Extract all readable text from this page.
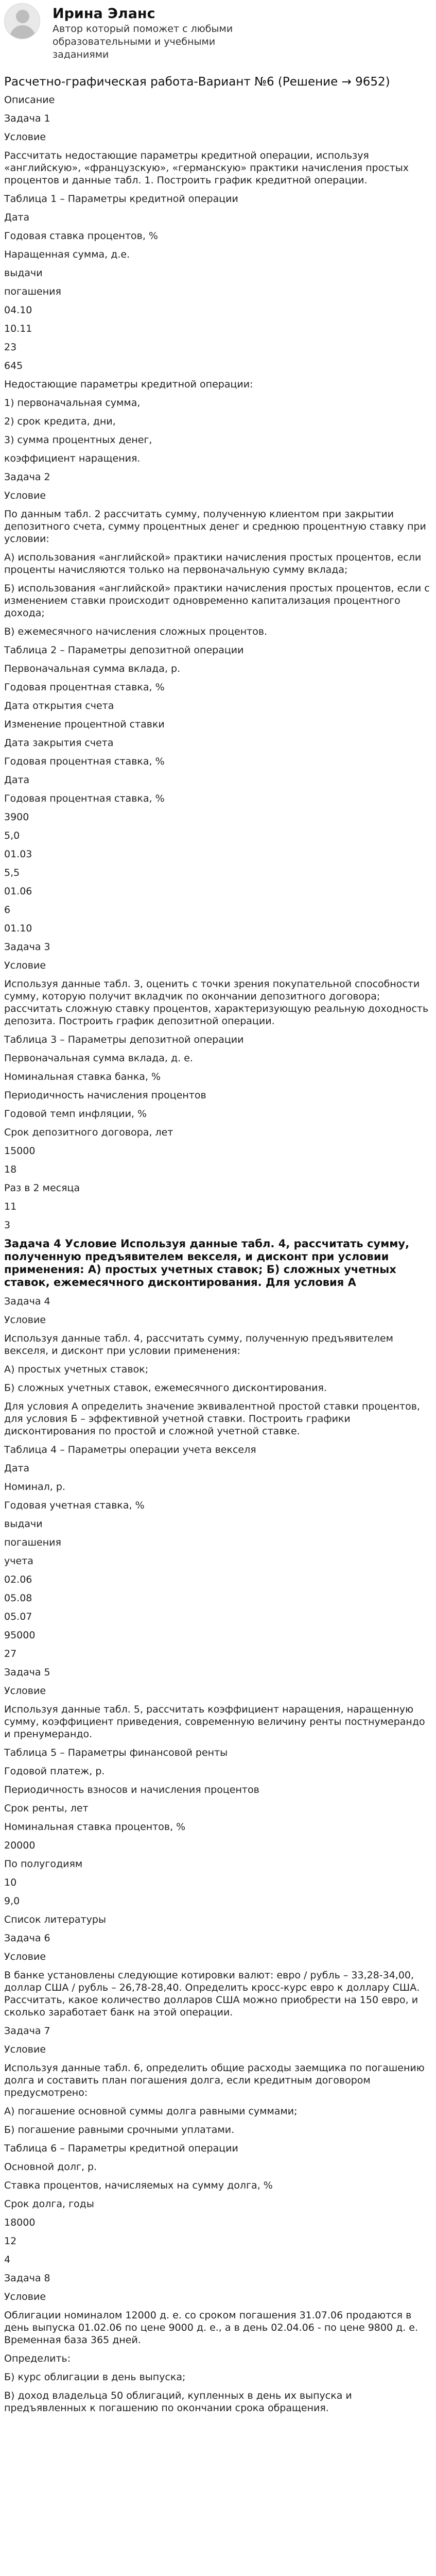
Ирина Эланс
Автор который поможет с любыми образовательными и учебными заданиями
Расчетно-графическая работа-Вариант №6 (Решение → 9652)
Описание
Задача 1
Условие
Рассчитать недостающие параметры кредитной операции, используя «английскую», «французскую», «германскую» практики начисления простых процентов и данные табл. 1. Построить график кредитной операции.
Таблица 1 – Параметры кредитной операции
Дата
Годовая ставка процентов, %
Наращенная сумма, д.е.
выдачи
погашения
04.10
10.11
23
645
Недостающие параметры кредитной операции:
1) первоначальная сумма,
2) срок кредита, дни,
3) сумма процентных денег,
коэффициент наращения.
Задача 2
Условие
По данным табл. 2 рассчитать сумму, полученную клиентом при закрытии депозитного счета, сумму процентных денег и среднюю процентную ставку при условии:
А) использования «английской» практики начисления простых процентов, если проценты начисляются только на первоначальную сумму вклада;
Б) использования «английской» практики начисления простых процентов, если с изменением ставки происходит одновременно капитализация процентного дохода;
В) ежемесячного начисления сложных процентов.
Таблица 2 – Параметры депозитной операции
Первоначальная сумма вклада, р.
Годовая процентная ставка, %
Дата открытия счета
Изменение процентной ставки
Дата закрытия счета
Годовая процентная ставка, %
Дата
Годовая процентная ставка, %
3900
5,0
01.03
5,5
01.06
6
01.10
Задача 3
Условие
Используя данные табл. 3, оценить с точки зрения покупательной способности сумму, которую получит вкладчик по окончании депозитного договора; рассчитать сложную ставку процентов, характеризующую реальную доходность депозита. Построить график депозитной операции.
Таблица 3 – Параметры депозитной операции
Первоначальная сумма вклада, д. е.
Номинальная ставка банка, %
Периодичность начисления процентов
Годовой темп инфляции, %
Срок депозитного договора, лет
15000
18
Раз в 2 месяца
11
3
Задача 4 Условие Используя данные табл. 4, рассчитать сумму, полученную предъявителем векселя, и дисконт при условии применения: А) простых учетных ставок; Б) сложных учетных ставок, ежемесячного дисконтирования. Для условия А
Задача 4
Условие
Используя данные табл. 4, рассчитать сумму, полученную предъявителем векселя, и дисконт при условии применения:
А) простых учетных ставок;
Б) сложных учетных ставок, ежемесячного дисконтирования.
Для условия А определить значение эквивалентной простой ставки процентов, для условия Б – эффективной учетной ставки. Построить графики дисконтирования по простой и сложной учетной ставке.
Таблица 4 – Параметры операции учета векселя
Дата
Номинал, р.
Годовая учетная ставка, %
выдачи
погашения
учета
02.06
05.08
05.07
95000
27
Задача 5
Условие
Используя данные табл. 5, рассчитать коэффициент наращения, наращенную сумму, коэффициент приведения, современную величину ренты постнумерандо и пренумерандо.
Таблица 5 – Параметры финансовой ренты
Годовой платеж, р.
Периодичность взносов и начисления процентов
Срок ренты, лет
Номинальная ставка процентов, %
20000
По полугодиям
10
9,0
Список литературы
Задача 6
Условие
В банке установлены следующие котировки валют: евро / рубль – 33,28-34,00, доллар США / рубль – 26,78-28,40. Определить кросс-курс евро к доллару США. Рассчитать, какое количество долларов США можно приобрести на 150 евро, и сколько заработает банк на этой операции.
Задача 7
Условие
Используя данные табл. 6, определить общие расходы заемщика по погашению долга и составить план погашения долга, если кредитным договором предусмотрено:
А) погашение основной суммы долга равными суммами;
Б) погашение равными срочными уплатами.
Таблица 6 – Параметры кредитной операции
Основной долг, р.
Ставка процентов, начисляемых на сумму долга, %
Срок долга, годы
18000
12
4
Задача 8
Условие
Облигации номиналом 12000 д. е. со сроком погашения 31.07.06 продаются в день выпуска 01.02.06 по цене 9000 д. е., а в день 02.04.06 - по цене 9800 д. е. Временная база 365 дней.
Определить:
Б) курс облигации в день выпуска;
В) доход владельца 50 облигаций, купленных в день их выпуска и предъявленных к погашению по окончании срока обращения.
